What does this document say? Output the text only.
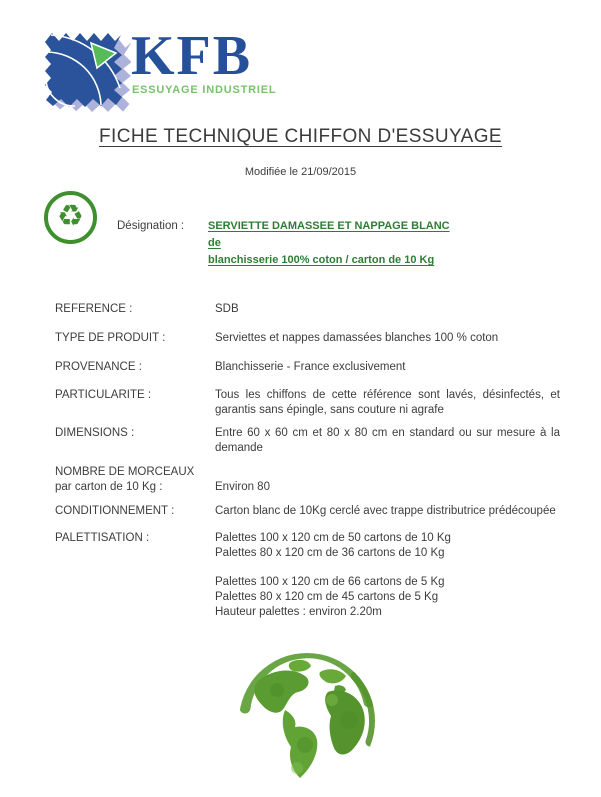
KFB
ESSUYAGE INDUSTRIEL
FICHE TECHNIQUE CHIFFON D'ESSUYAGE
Modifiée le 21/09/2015
♻	Désignation : SERVIETTE DAMASSEE ET NAPPAGE BLANC de
blanchisserie 100% coton / carton de 10 Kg
REFERENCE :	SDB
TYPE DE PRODUIT :	Serviettes et nappes damassées blanches 100 % coton
PROVENANCE :	Blanchisserie - France exclusivement
PARTICULARITE :	Tous les chiffons de cette référence sont lavés, désinfectés, et garantis sans épingle, sans couture ni agrafe
DIMENSIONS :	Entre 60 x 60 cm et 80 x 80 cm en standard ou sur mesure à la demande
NOMBRE DE MORCEAUX
par carton de 10 Kg :	Environ 80
CONDITIONNEMENT :	Carton blanc de 10Kg cerclé avec trappe distributrice prédécoupée
PALETTISATION :	Palettes 100 x 120 cm de 50 cartons de 10 Kg
Palettes 80 x 120 cm de 36 cartons de 10 Kg
Palettes 100 x 120 cm de 66 cartons de 5 Kg
Palettes 80 x 120 cm de 45 cartons de 5 Kg
Hauteur palettes : environ 2.20m
